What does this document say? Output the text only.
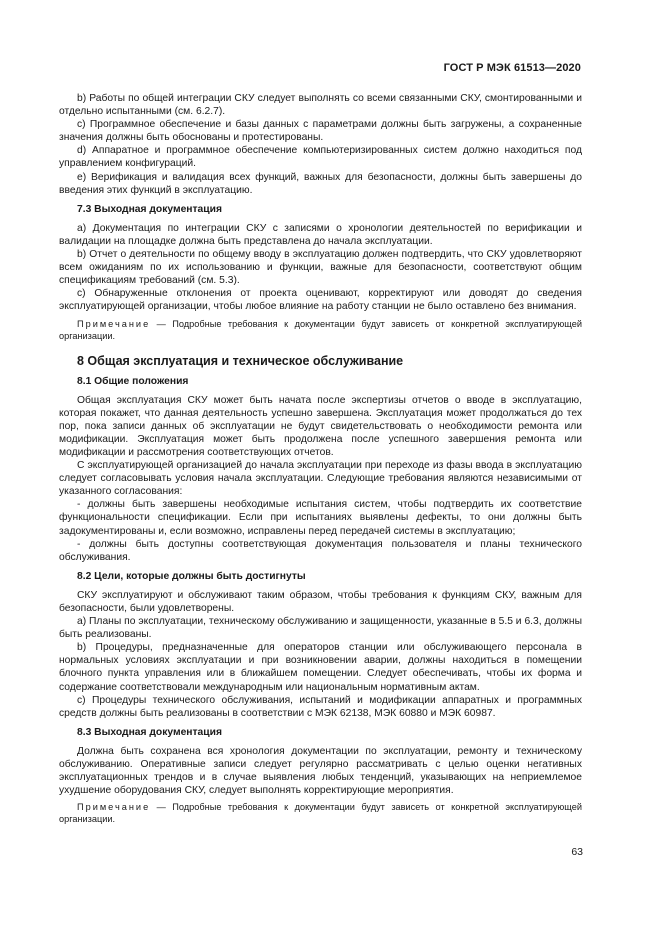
ГОСТ Р МЭК 61513—2020

b) Работы по общей интеграции СКУ следует выполнять со всеми связанными СКУ, смонтированными и отдельно испытанными (см. 6.2.7).

c) Программное обеспечение и базы данных с параметрами должны быть загружены, а сохраненные значения должны быть обоснованы и протестированы.

d) Аппаратное и программное обеспечение компьютеризированных систем должно находиться под управлением конфигураций.

e) Верификация и валидация всех функций, важных для безопасности, должны быть завершены до введения этих функций в эксплуатацию.

7.3 Выходная документация

a) Документация по интеграции СКУ с записями о хронологии деятельностей по верификации и валидации на площадке должна быть представлена до начала эксплуатации.

b) Отчет о деятельности по общему вводу в эксплуатацию должен подтвердить, что СКУ удовлетворяют всем ожиданиям по их использованию и функции, важные для безопасности, соответствуют общим спецификациям требований (см. 5.3).

c) Обнаруженные отклонения от проекта оценивают, корректируют или доводят до сведения эксплуатирующей организации, чтобы любое влияние на работу станции не было оставлено без внимания.

Примечание — Подробные требования к документации будут зависеть от конкретной эксплуатирующей организации.

8 Общая эксплуатация и техническое обслуживание

8.1 Общие положения

Общая эксплуатация СКУ может быть начата после экспертизы отчетов о вводе в эксплуатацию, которая покажет, что данная деятельность успешно завершена. Эксплуатация может продолжаться до тех пор, пока записи данных об эксплуатации не будут свидетельствовать о необходимости ремонта или модификации. Эксплуатация может быть продолжена после успешного завершения ремонта или модификации и рассмотрения соответствующих отчетов.

С эксплуатирующей организацией до начала эксплуатации при переходе из фазы ввода в эксплуатацию следует согласовывать условия начала эксплуатации. Следующие требования являются независимыми от указанного согласования:

- должны быть завершены необходимые испытания систем, чтобы подтвердить их соответствие функциональности спецификации. Если при испытаниях выявлены дефекты, то они должны быть задокументированы и, если возможно, исправлены перед передачей системы в эксплуатацию;

- должны быть доступны соответствующая документация пользователя и планы технического обслуживания.

8.2 Цели, которые должны быть достигнуты

СКУ эксплуатируют и обслуживают таким образом, чтобы требования к функциям СКУ, важным для безопасности, были удовлетворены.

a) Планы по эксплуатации, техническому обслуживанию и защищенности, указанные в 5.5 и 6.3, должны быть реализованы.

b) Процедуры, предназначенные для операторов станции или обслуживающего персонала в нормальных условиях эксплуатации и при возникновении аварии, должны находиться в помещении блочного пункта управления или в ближайшем помещении. Следует обеспечивать, чтобы их форма и содержание соответствовали международным или национальным нормативным актам.

c) Процедуры технического обслуживания, испытаний и модификации аппаратных и программных средств должны быть реализованы в соответствии с МЭК 62138, МЭК 60880 и МЭК 60987.

8.3 Выходная документация

Должна быть сохранена вся хронология документации по эксплуатации, ремонту и техническому обслуживанию. Оперативные записи следует регулярно рассматривать с целью оценки негативных эксплуатационных трендов и в случае выявления любых тенденций, указывающих на неприемлемое ухудшение оборудования СКУ, следует выполнять корректирующие мероприятия.

Примечание — Подробные требования к документации будут зависеть от конкретной эксплуатирующей организации.

63
